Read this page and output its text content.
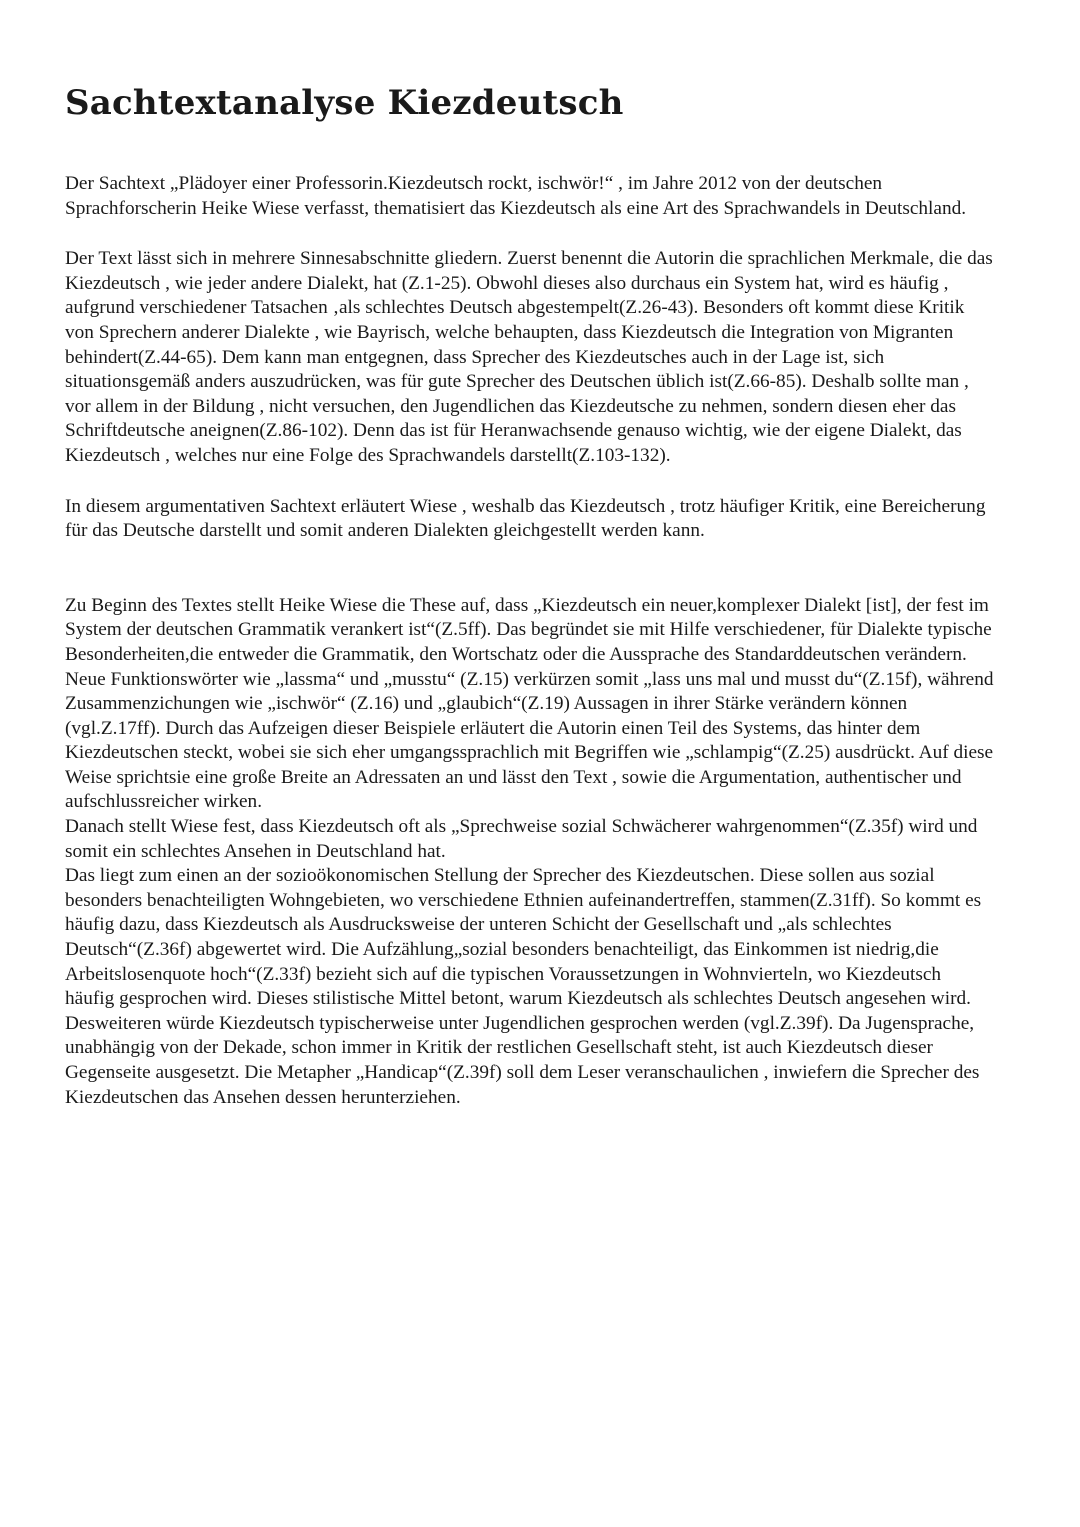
Sachtextanalyse Kiezdeutsch

Der Sachtext „Plädoyer einer Professorin.Kiezdeutsch rockt, ischwör!“ , im Jahre 2012 von der deutschen Sprachforscherin Heike Wiese verfasst, thematisiert das Kiezdeutsch als eine Art des Sprachwandels in Deutschland.

Der Text lässt sich in mehrere Sinnesabschnitte gliedern. Zuerst benennt die Autorin die sprachlichen Merkmale, die das Kiezdeutsch , wie jeder andere Dialekt, hat (Z.1-25). Obwohl dieses also durchaus ein System hat, wird es häufig , aufgrund verschiedener Tatsachen ‚als schlechtes Deutsch abgestempelt(Z.26-43). Besonders oft kommt diese Kritik von Sprechern anderer Dialekte , wie Bayrisch, welche behaupten, dass Kiezdeutsch die Integration von Migranten behindert(Z.44-65). Dem kann man entgegnen, dass Sprecher des Kiezdeutsches auch in der Lage ist, sich situationsgemäß anders auszudrücken, was für gute Sprecher des Deutschen üblich ist(Z.66-85). Deshalb sollte man , vor allem in der Bildung , nicht versuchen, den Jugendlichen das Kiezdeutsche zu nehmen, sondern diesen eher das Schriftdeutsche aneignen(Z.86-102). Denn das ist für Heranwachsende genauso wichtig, wie der eigene Dialekt, das Kiezdeutsch , welches nur eine Folge des Sprachwandels darstellt(Z.103-132).

In diesem argumentativen Sachtext erläutert Wiese , weshalb das Kiezdeutsch , trotz häufiger Kritik, eine Bereicherung für das Deutsche darstellt und somit anderen Dialekten gleichgestellt werden kann.

Zu Beginn des Textes stellt Heike Wiese die These auf, dass „Kiezdeutsch ein neuer,komplexer Dialekt [ist], der fest im System der deutschen Grammatik verankert ist“(Z.5ff). Das begründet sie mit Hilfe verschiedener, für Dialekte typische Besonderheiten,die entweder die Grammatik, den Wortschatz oder die Aussprache des Standarddeutschen verändern. Neue Funktionswörter wie „lassma“ und „musstu“ (Z.15) verkürzen somit „lass uns mal und musst du“(Z.15f), während Zusammenzichungen wie „ischwör“ (Z.16) und „glaubich“(Z.19) Aussagen in ihrer Stärke verändern können (vgl.Z.17ff). Durch das Aufzeigen dieser Beispiele erläutert die Autorin einen Teil des Systems, das hinter dem Kiezdeutschen steckt, wobei sie sich eher umgangssprachlich mit Begriffen wie „schlampig“(Z.25) ausdrückt. Auf diese Weise sprichtsie eine große Breite an Adressaten an und lässt den Text , sowie die Argumentation, authentischer und aufschlussreicher wirken.

Danach stellt Wiese fest, dass Kiezdeutsch oft als „Sprechweise sozial Schwächerer wahrgenommen“(Z.35f) wird und somit ein schlechtes Ansehen in Deutschland hat.

Das liegt zum einen an der sozioökonomischen Stellung der Sprecher des Kiezdeutschen. Diese sollen aus sozial besonders benachteiligten Wohngebieten, wo verschiedene Ethnien aufeinandertreffen, stammen(Z.31ff). So kommt es häufig dazu, dass Kiezdeutsch als Ausdrucksweise der unteren Schicht der Gesellschaft und „als schlechtes Deutsch“(Z.36f) abgewertet wird. Die Aufzählung„sozial besonders benachteiligt, das Einkommen ist niedrig,die Arbeitslosenquote hoch“(Z.33f) bezieht sich auf die typischen Voraussetzungen in Wohnvierteln, wo Kiezdeutsch häufig gesprochen wird. Dieses stilistische Mittel betont, warum Kiezdeutsch als schlechtes Deutsch angesehen wird.

Desweiteren würde Kiezdeutsch typischerweise unter Jugendlichen gesprochen werden (vgl.Z.39f). Da Jugensprache, unabhängig von der Dekade, schon immer in Kritik der restlichen Gesellschaft steht, ist auch Kiezdeutsch dieser Gegenseite ausgesetzt. Die Metapher „Handicap“(Z.39f) soll dem Leser veranschaulichen , inwiefern die Sprecher des Kiezdeutschen das Ansehen dessen herunterziehen.
